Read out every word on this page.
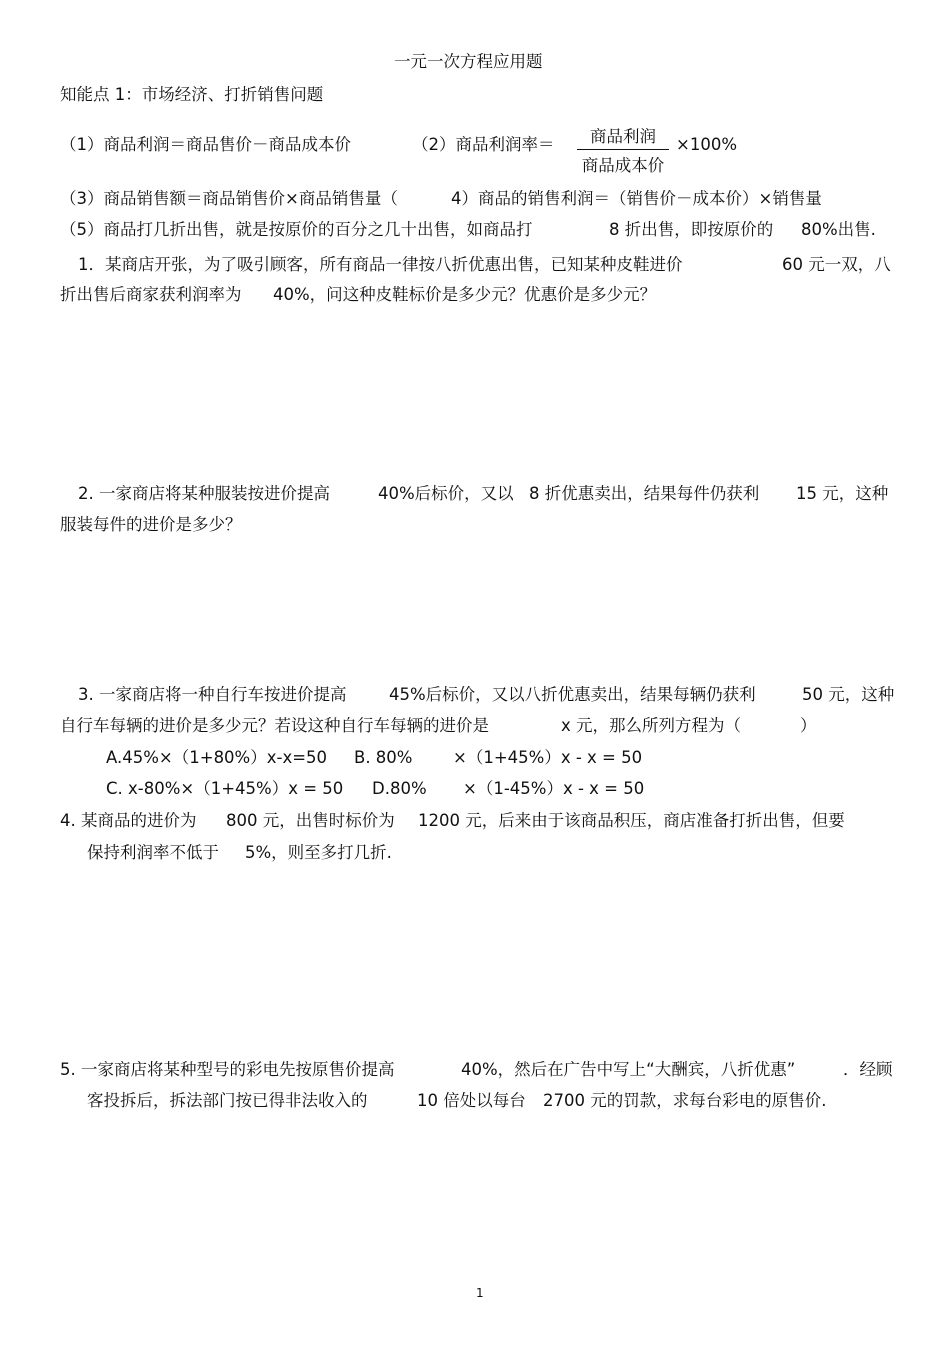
一元一次方程应用题
知能点 1：市场经济、打折销售问题
（1）商品利润＝商品售价－商品成本价	（2）商品利润率＝	商品利润
商品成本价
×100%
（3）商品销售额＝商品销售价×商品销售量（	4）商品的销售利润＝（销售价－成本价）×销售量
（5）商品打几折出售，就是按原价的百分之几十出售，如商品打	8 折出售，即按原价的 80%出售.
1．某商店开张，为了吸引顾客，所有商品一律按八折优惠出售，已知某种皮鞋进价	60 元一双，八
折出售后商家获利润率为 40%，问这种皮鞋标价是多少元？优惠价是多少元？
2. 一家商店将某种服装按进价提高	40%后标价，又以 8 折优惠卖出，结果每件仍获利 15 元，这种
服装每件的进价是多少？
3. 一家商店将一种自行车按进价提高	45%后标价，又以八折优惠卖出，结果每辆仍获利	50 元，这种
自行车每辆的进价是多少元？若设这种自行车每辆的进价是	x 元，那么所列方程为（	）
A.45%×（1+80%）x-x=50 B. 80% ×（1+45%）x - x = 50
C. x-80%×（1+45%）x = 50 D.80% ×（1-45%）x - x = 50
4. 某商品的进价为 800 元，出售时标价为 1200 元，后来由于该商品积压，商店准备打折出售，但要
保持利润率不低于 5%，则至多打几折.
5. 一家商店将某种型号的彩电先按原售价提高	40%，然后在广告中写上“大酬宾，八折优惠”	．经顾
客投拆后，拆法部门按已得非法收入的	10 倍处以每台 2700 元的罚款，求每台彩电的原售价.
1
